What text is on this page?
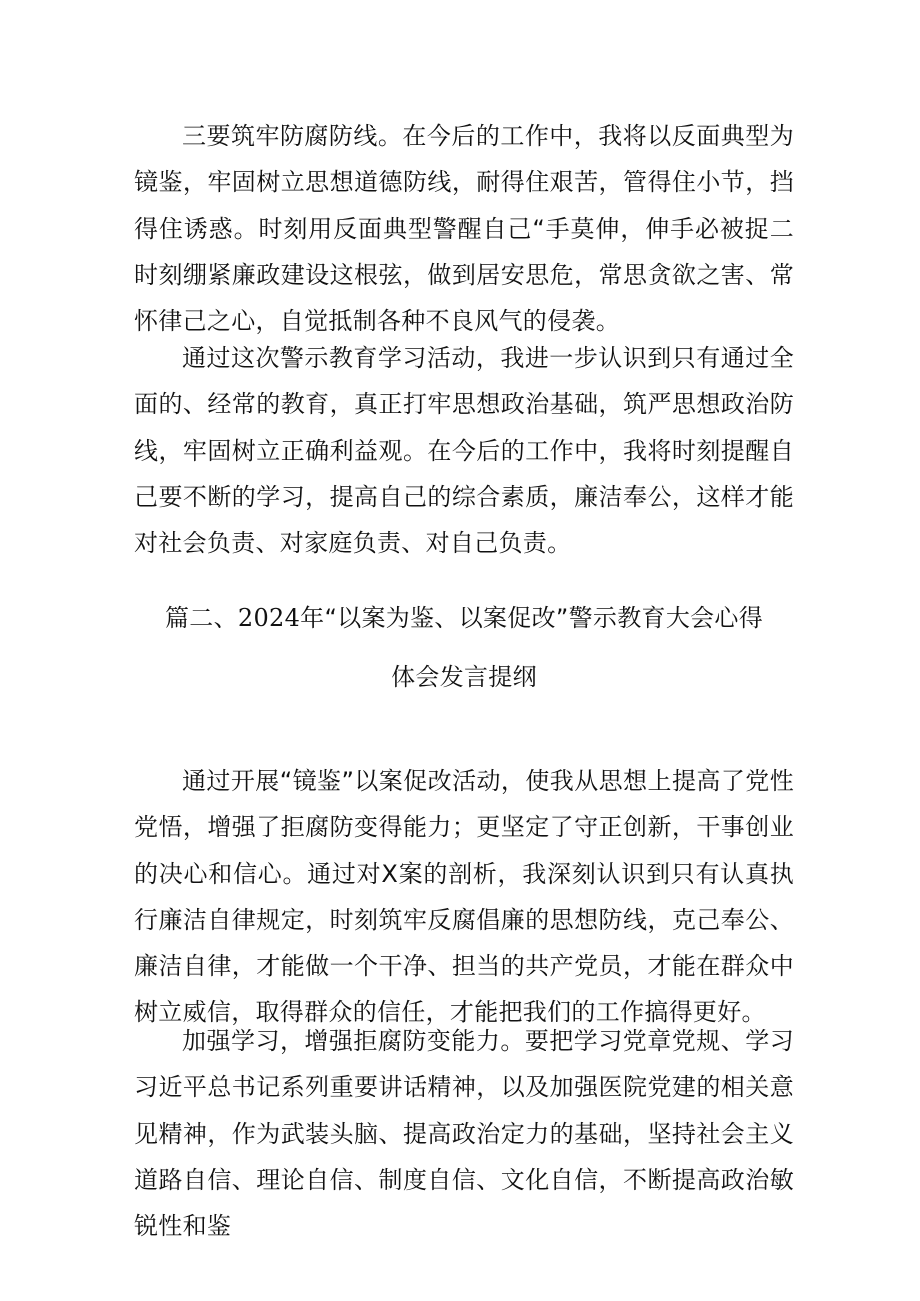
三要筑牢防腐防线。在今后的工作中，我将以反面典型为镜鉴，牢固树立思想道德防线，耐得住艰苦，管得住小节，挡得住诱惑。时刻用反面典型警醒自己“手莫伸，伸手必被捉二时刻绷紧廉政建设这根弦，做到居安思危，常思贪欲之害、常怀律己之心，自觉抵制各种不良风气的侵袭。

通过这次警示教育学习活动，我进一步认识到只有通过全面的、经常的教育，真正打牢思想政治基础，筑严思想政治防线，牢固树立正确利益观。在今后的工作中，我将时刻提醒自己要不断的学习，提高自己的综合素质，廉洁奉公，这样才能对社会负责、对家庭负责、对自己负责。

篇二、2024年“以案为鉴、以案促改”警示教育大会心得

体会发言提纲

通过开展“镜鉴”以案促改活动，使我从思想上提高了党性党悟，增强了拒腐防变得能力；更坚定了守正创新，干事创业的决心和信心。通过对X案的剖析，我深刻认识到只有认真执行廉洁自律规定，时刻筑牢反腐倡廉的思想防线，克己奉公、廉洁自律，才能做一个干净、担当的共产党员，才能在群众中树立威信，取得群众的信任，才能把我们的工作搞得更好。

加强学习，增强拒腐防变能力。要把学习党章党规、学习习近平总书记系列重要讲话精神，以及加强医院党建的相关意见精神，作为武装头脑、提高政治定力的基础，坚持社会主义道路自信、理论自信、制度自信、文化自信，不断提高政治敏锐性和鉴
